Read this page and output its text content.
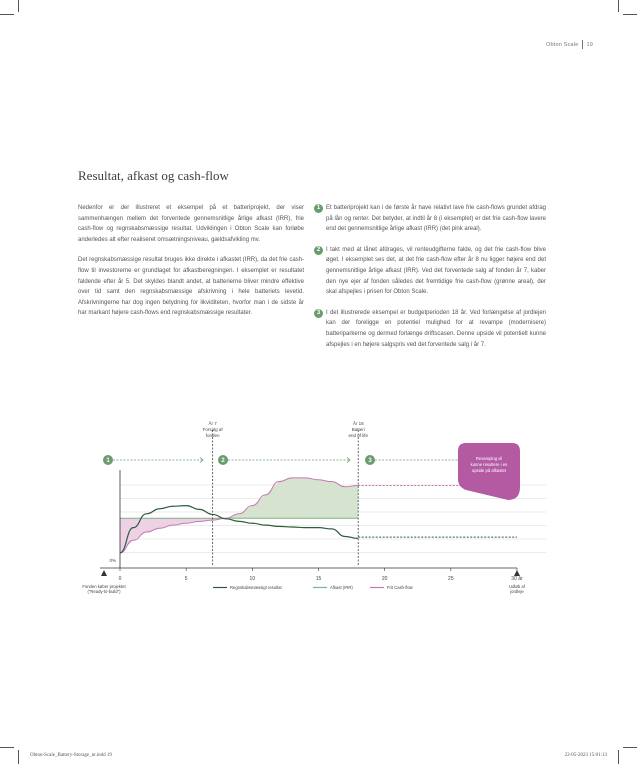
Obton Scale 19
Resultat, afkast og cash-flow

Nedenfor er der illustreret et eksempel på et batteriprojekt, der viser sammenhængen mellem det forventede gennemsnitlige årlige afkast (IRR), frie cash-flow og regnskabsmæssige resultat. Udviklingen i Obton Scale kan forløbe anderledes alt efter realiseret omsætningsniveau, gældsafvikling mv.

Det regnskabsmæssige resultat bruges ikke direkte i afkastet (IRR), da det frie cash-flow til investorerne er grundlaget for afkastberegningen. I eksemplet er resultatet faldende efter år 5. Det skyldes blandt andet, at batterierne bliver mindre effektive over tid samt den regnskabsmæssige afskrivning i hele batteriets levetid. Afskrivningerne har dog ingen betydning for likviditeten, hvorfor man i de sidste år har markant højere cash-flows end regnskabsmæssige resultater.

1 Et batteriprojekt kan i de første år have relativt lave frie cash-flows grundet afdrag på lån og renter. Det betyder, at indtil år 8 (i eksemplet) er det frie cash-flow lavere end det gennemsnitlige årlige afkast (IRR) (det pink areal).
2 I takt med at lånet afdrages, vil renteudgifterne falde, og det frie cash-flow blive øget. I eksemplet ses det, at det frie cash-flow efter år 8 nu ligger højere end det gennemsnitlige årlige afkast (IRR). Ved det forventede salg af fonden år 7, kaber den nye ejer af fonden således det fremtidige frie cash-flow (grønne areal), der skal afspejles i prisen for Obton Scale.
3 I det illustrerede eksempel er budgetperioden 18 år. Ved forlængelse af jordlejen kan der foreligge en potentiel mulighed for at revampe (modernisere) batteriparkerne og dermed forlænge driftscasen. Denne upside vil potentielt kunne afspejles i en højere salgspris ved det forventede salg i år 7.
År 7
Forsalg af
fonden
År 18
Batteri
end of life
0%
0	5	10	15	20	25	30 år
1	2	3	Revamping vil
kunne resultere i en
upside på afkastet
Fonden køber projektet
("Ready-to-build")
Udløb af
jordleje
Regnskabsmæssigt resultat	Afkast (IRR)	Frit Cash-flow
Obton-Scale_Battery-Storage_nr.indd 19	22-05-2023 15:01:13
